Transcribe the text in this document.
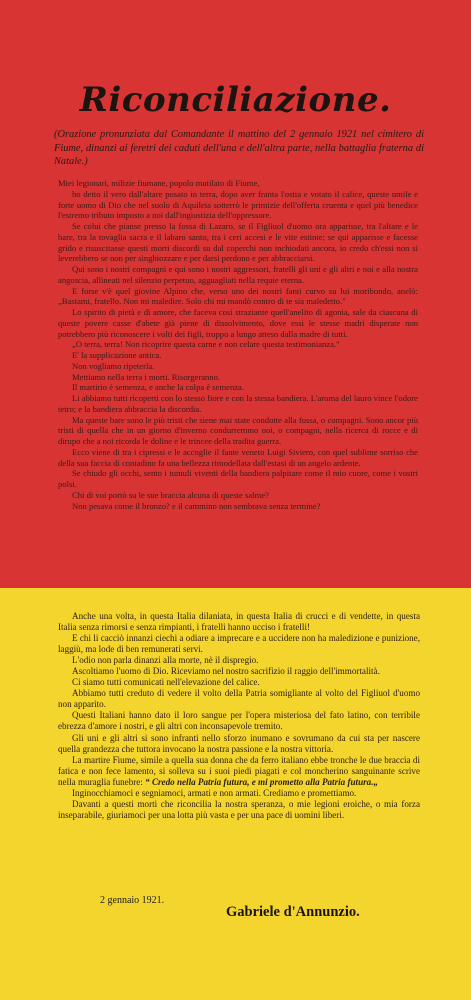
Riconciliazione.
(Orazione pronunziata dal Comandante il mattino del 2 gennaio 1921 nel cimitero di Fiume, dinanzi ai feretri dei caduti dell'una e dell'altra parte, nella battaglia fraterna di Natale.)

Miei legionari, milizie fiumane, popolo mutilato di Fiume,

ho detto il vero dall'altare posato in terra, dopo aver franta l'ostia e votato il calice, queste umile e forte uomo di Dio che nel suolo di Aquileia sotterrò le primizie dell'offerta cruenta e quel più benedice l'estremo tributo imposto a noi dall'ingiustizia dell'oppressore.

Se colui che pianse presso la fossa di Lazaro, se il Figliuol d'uomo ora apparisse, tra l'altare e le bare, tra la tovaglia sacra e il labaro santo, tra i ceri accesi e le vite estinte; se qui apparisse e facesse grido e risuscitasse questi morti discordi su dal coperchi non inchiodati ancora, io credo ch'essi non si leverebbero se non per singhiozzare e per darsi perdono e per abbracciarsi.

Qui sono i nostri compagni e qui sono i nostri aggressori, fratelli gli uni e gli altri e noi e alla nostra angoscia, allineati nel silenzio perpetuo, agguagliati nella requie eterna.

E forse v'è quel giovine Alpino che, verso uno dei nostri fanti curvo su lui moribondo, anelò: „Bastami, fratello. Non mi maledire. Solo chi mi mandò contro di te sia maledetto."

Lo spirito di pietà e di amore, che faceva così straziante quell'anelito di agonia, sale da ciascuna di queste povere casse d'abete già piene di dissolvimento, dove essi le stesse madri disperate non potrebbero più riconoscere i volti dei figli, troppo a lungo atteso dalla madre di tutti.

„O terra, terra! Non ricoprire questa carne e non celare questa testimonianza."

E' la supplicazione antica.

Non vogliamo ripeterla.

Mettiamo nella terra i morti. Risorgeranno.

Il martirio è semenza, e anche la colpa è semenza.

Li abbiamo tutti ricoperti con lo stesso fiore e con la stessa bandiera. L'aroma del lauro vince l'odore tetro; e la bandiera abbraccia la discordia.

Ma queste bare sono le più tristi che siene mai state condotte alla fossa, o compagni. Sono ancor più tristi di quella che in un giorno d'inverno condurremmo noi, o compagni, nella ricerca di rocce e di dirupo che a noi ricorda le doline e le trincee della tradita guerra.

Ecco viene di tra i cipressi e le accoglie il fante veneto Luigi Siviero, con quel sublime sorriso che della sua faccia di contadino fa una bellezza rimodellata dall'estasi di un angelo ardente.

Se chiudo gli occhi, sento i tumuli viventi della bandiera palpitare come il mio cuore, come i vostri polsi.

Chi di voi portò su le sue braccia alcuna di queste salme?

Non pesava come il bronzo? e il cammino non sembrava senza termine?

Anche una volta, in questa Italia dilaniata, in questa Italia di crucci e di vendette, in questa Italia senza rimorsi e senza rimpianti, i fratelli hanno ucciso i fratelli!

E chi li cacciò innanzi ciechi a odiare a imprecare e a uccidere non ha maledizione e punizione, laggiù, ma lode di ben remunerati servi.

L'odio non parla dinanzi alla morte, nè il dispregio.

Ascoltiamo l'uomo di Dio. Riceviamo nel nostro sacrifizio il raggio dell'immortalità.

Ci siamo tutti comunicati nell'elevazione del calice.

Abbiamo tutti creduto di vedere il volto della Patria somigliante al volto del Figliuol d'uomo non apparito.

Questi Italiani hanno dato il loro sangue per l'opera misteriosa del fato latino, con terribile ebrezza d'amore i nostri, e gli altri con inconsapevole tremito.

Gli uni e gli altri si sono infranti nello sforzo inumano e sovrumano da cui sta per nascere quella grandezza che tuttora invocano la nostra passione e la nostra vittoria.

La martire Fiume, simile a quella sua donna che da ferro italiano ebbe tronche le due braccia di fatica e non fece lamento, si solleva su i suoi piedi piagati e col moncherino sanguinante scrive nella muraglia funebre: “ Credo nella Patria futura, e mi prometto alla Patria futura.„

Inginocchiamoci e segniamoci, armati e non armati. Crediamo e promettiamo.

Davanti a questi morti che riconcilia la nostra speranza, o mie legioni eroiche, o mia forza inseparabile, giuriamoci per una lotta più vasta e per una pace di uomini liberi.

2 gennaio 1921.
Gabriele d'Annunzio.
